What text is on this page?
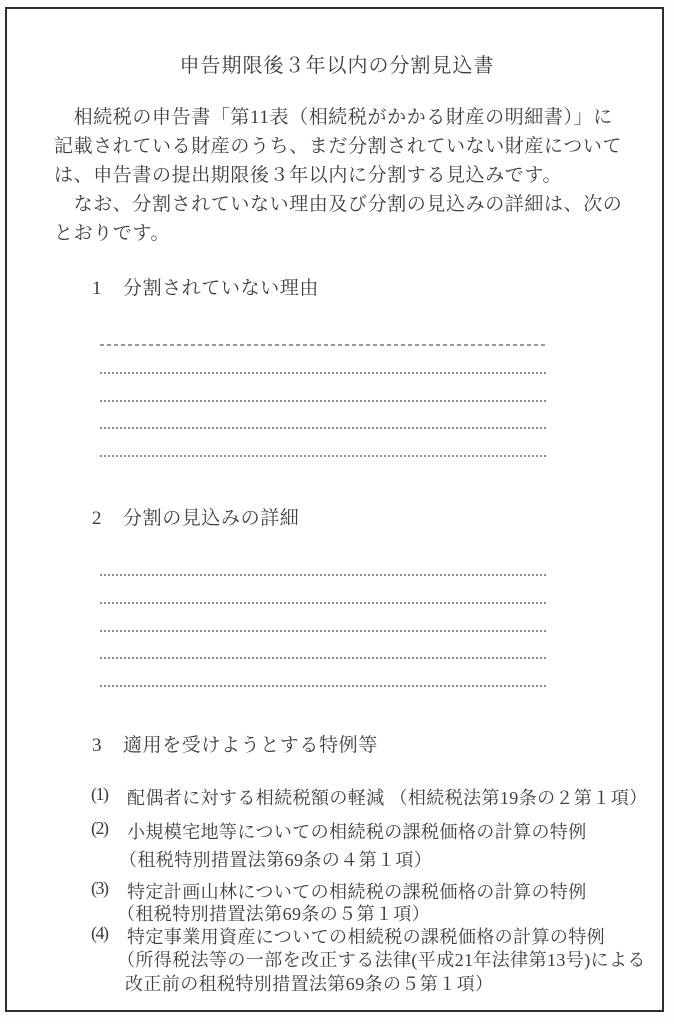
申告期限後３年以内の分割見込書
　相続税の申告書「第11表（相続税がかかる財産の明細書）」に
記載されている財産のうち、まだ分割されていない財産について
は、申告書の提出期限後３年以内に分割する見込みです。
　なお、分割されていない理由及び分割の見込みの詳細は、次の
とおりです。
1 分割されていない理由
2 分割の見込みの詳細
3 適用を受けようとする特例等
(1) 配偶者に対する相続税額の軽減 （相続税法第19条の２第１項）
(2) 小規模宅地等についての相続税の課税価格の計算の特例
（租税特別措置法第69条の４第１項）
(3) 特定計画山林についての相続税の課税価格の計算の特例
（租税特別措置法第69条の５第１項）
(4) 特定事業用資産についての相続税の課税価格の計算の特例
（所得税法等の一部を改正する法律(平成21年法律第13号)による
改正前の租税特別措置法第69条の５第１項）
